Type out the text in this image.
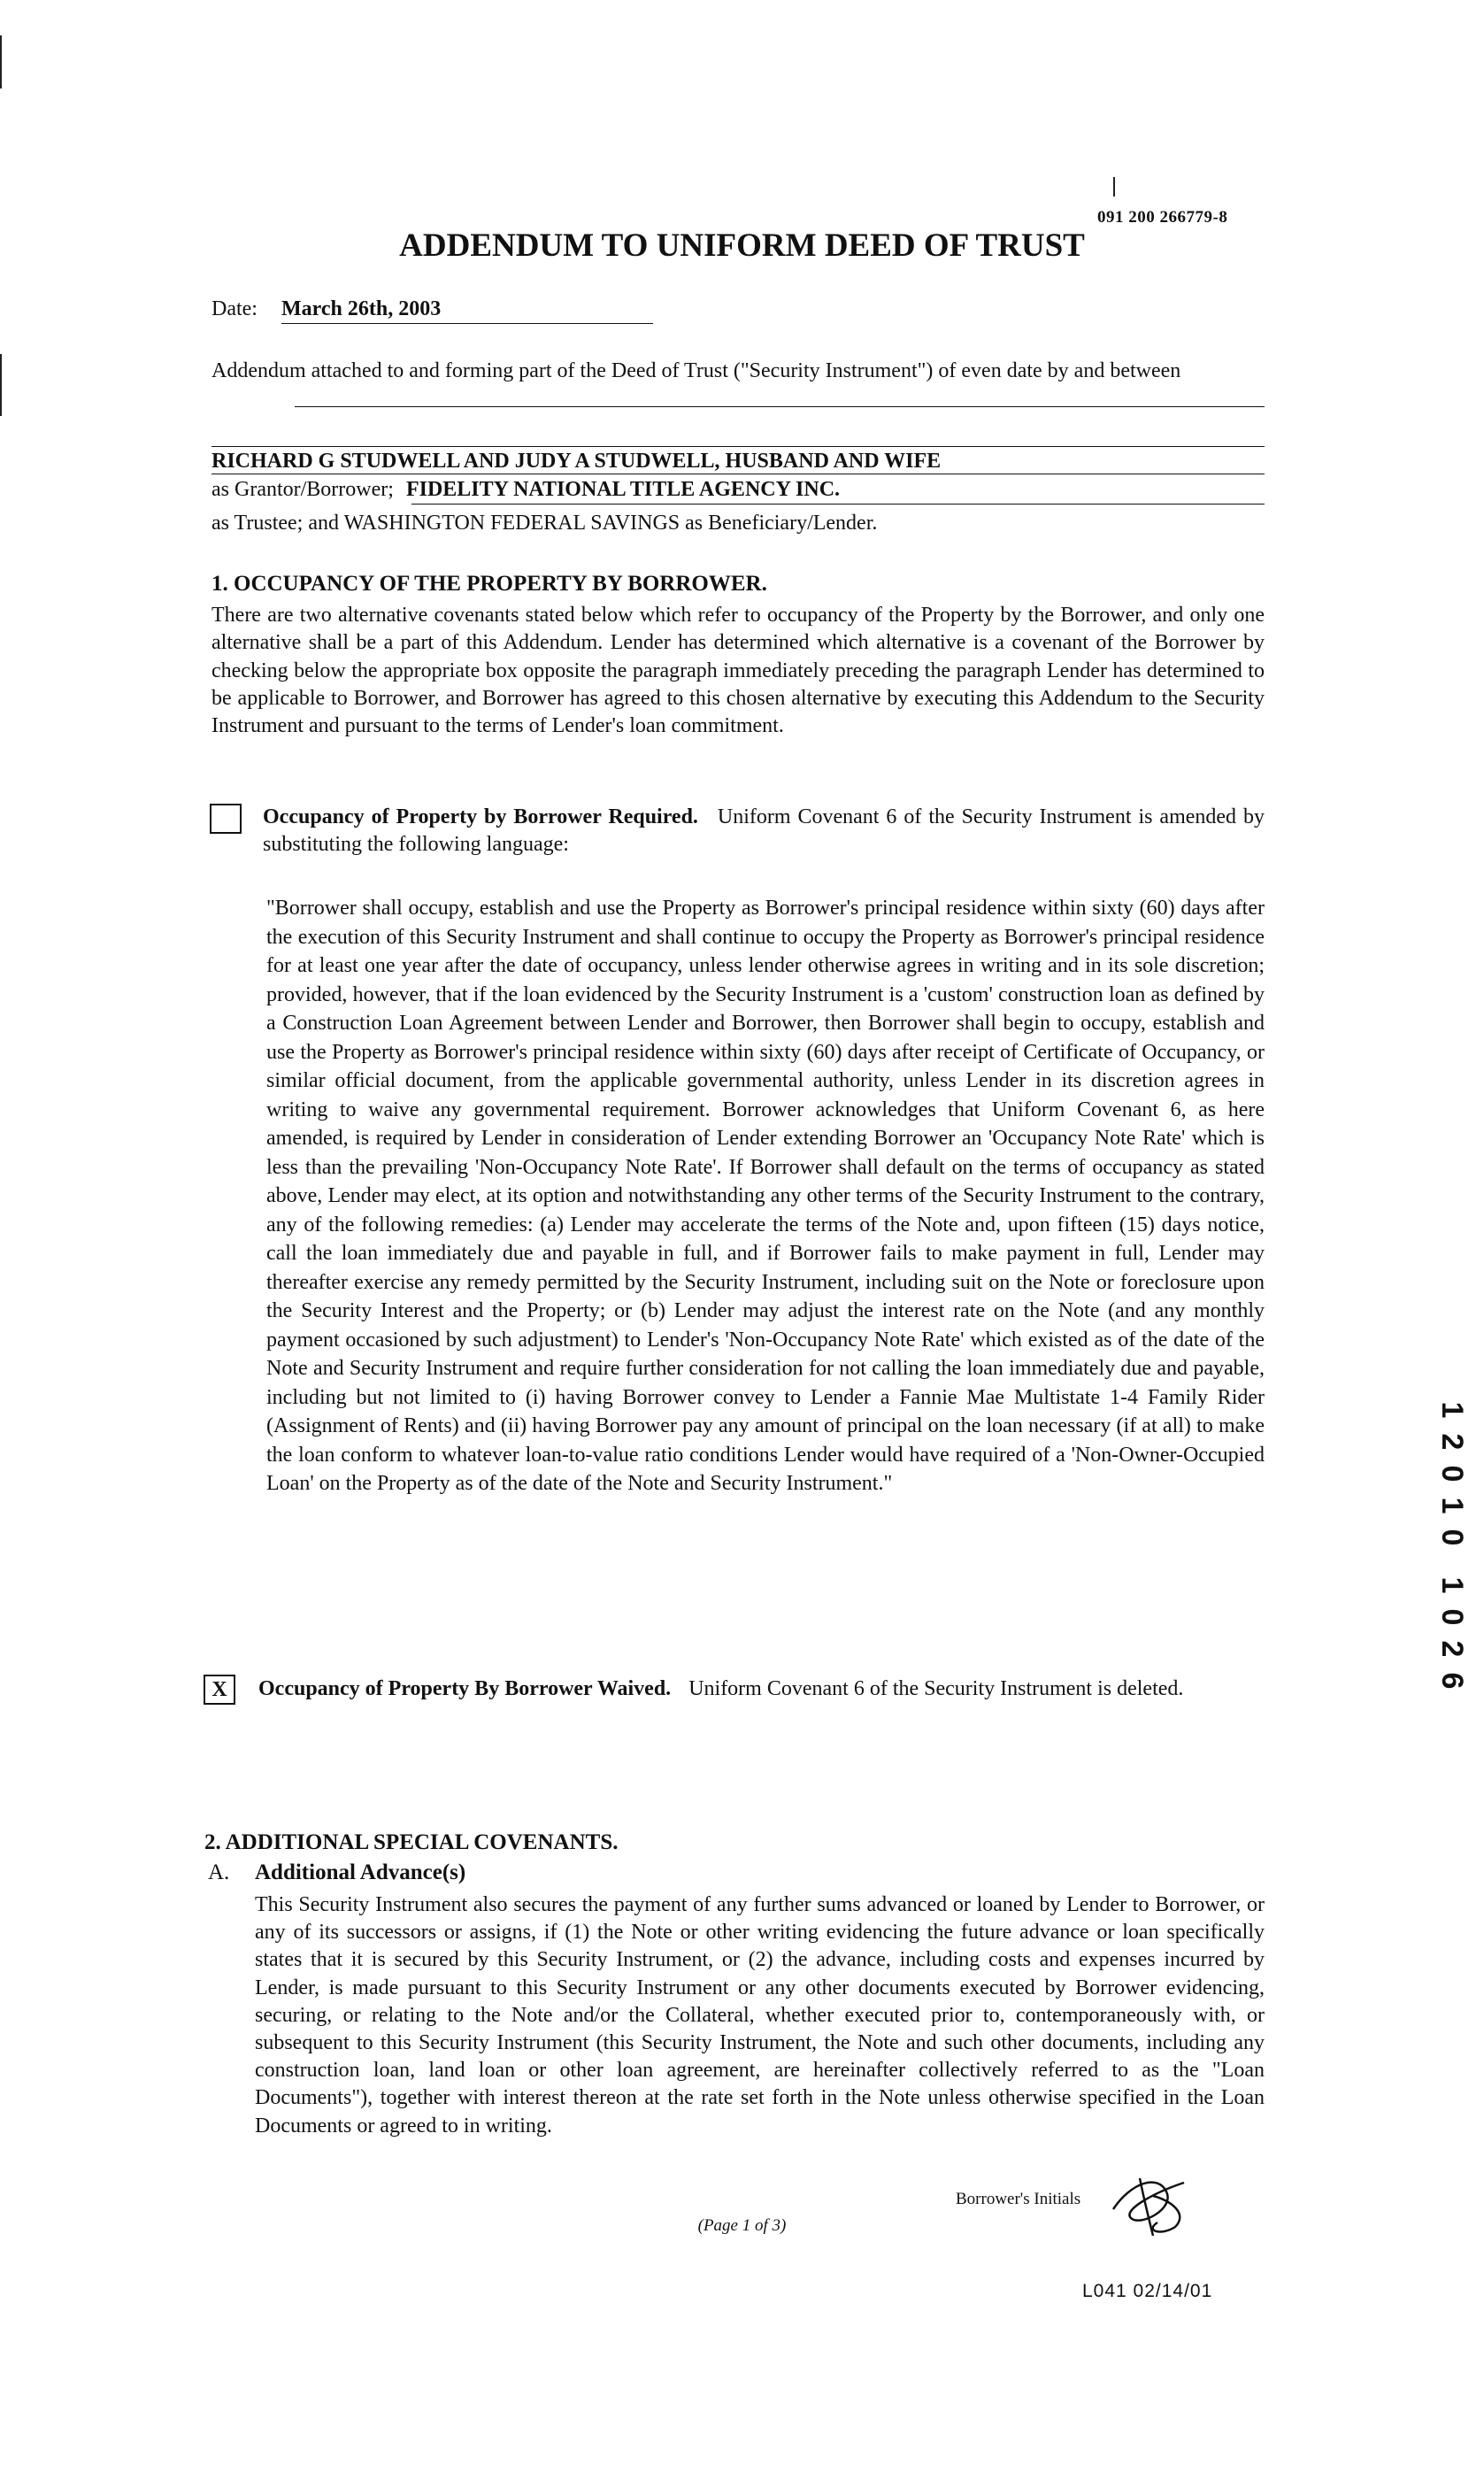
091 200 266779-8
ADDENDUM TO UNIFORM DEED OF TRUST
Date: March 26th, 2003
Addendum attached to and forming part of the Deed of Trust ("Security Instrument") of even date by and between
RICHARD G STUDWELL AND JUDY A STUDWELL, HUSBAND AND WIFE
as Grantor/Borrower; FIDELITY NATIONAL TITLE AGENCY INC.
as Trustee; and WASHINGTON FEDERAL SAVINGS as Beneficiary/Lender.
1. OCCUPANCY OF THE PROPERTY BY BORROWER.
There are two alternative covenants stated below which refer to occupancy of the Property by the Borrower, and only one alternative shall be a part of this Addendum. Lender has determined which alternative is a covenant of the Borrower by checking below the appropriate box opposite the paragraph immediately preceding the paragraph Lender has determined to be applicable to Borrower, and Borrower has agreed to this chosen alternative by executing this Addendum to the Security Instrument and pursuant to the terms of Lender's loan commitment.
Occupancy of Property by Borrower Required. Uniform Covenant 6 of the Security Instrument is amended by substituting the following language:
"Borrower shall occupy, establish and use the Property as Borrower's principal residence within sixty (60) days after the execution of this Security Instrument and shall continue to occupy the Property as Borrower's principal residence for at least one year after the date of occupancy, unless lender otherwise agrees in writing and in its sole discretion; provided, however, that if the loan evidenced by the Security Instrument is a 'custom' construction loan as defined by a Construction Loan Agreement between Lender and Borrower, then Borrower shall begin to occupy, establish and use the Property as Borrower's principal residence within sixty (60) days after receipt of Certificate of Occupancy, or similar official document, from the applicable governmental authority, unless Lender in its discretion agrees in writing to waive any governmental requirement. Borrower acknowledges that Uniform Covenant 6, as here amended, is required by Lender in consideration of Lender extending Borrower an 'Occupancy Note Rate' which is less than the prevailing 'Non-Occupancy Note Rate'. If Borrower shall default on the terms of occupancy as stated above, Lender may elect, at its option and notwithstanding any other terms of the Security Instrument to the contrary, any of the following remedies: (a) Lender may accelerate the terms of the Note and, upon fifteen (15) days notice, call the loan immediately due and payable in full, and if Borrower fails to make payment in full, Lender may thereafter exercise any remedy permitted by the Security Instrument, including suit on the Note or foreclosure upon the Security Interest and the Property; or (b) Lender may adjust the interest rate on the Note (and any monthly payment occasioned by such adjustment) to Lender's 'Non-Occupancy Note Rate' which existed as of the date of the Note and Security Instrument and require further consideration for not calling the loan immediately due and payable, including but not limited to (i) having Borrower convey to Lender a Fannie Mae Multistate 1-4 Family Rider (Assignment of Rents) and (ii) having Borrower pay any amount of principal on the loan necessary (if at all) to make the loan conform to whatever loan-to-value ratio conditions Lender would have required of a 'Non-Owner-Occupied Loan' on the Property as of the date of the Note and Security Instrument."
X	Occupancy of Property By Borrower Waived. Uniform Covenant 6 of the Security Instrument is deleted.
2. ADDITIONAL SPECIAL COVENANTS.
A. Additional Advance(s)
This Security Instrument also secures the payment of any further sums advanced or loaned by Lender to Borrower, or any of its successors or assigns, if (1) the Note or other writing evidencing the future advance or loan specifically states that it is secured by this Security Instrument, or (2) the advance, including costs and expenses incurred by Lender, is made pursuant to this Security Instrument or any other documents executed by Borrower evidencing, securing, or relating to the Note and/or the Collateral, whether executed prior to, contemporaneously with, or subsequent to this Security Instrument (this Security Instrument, the Note and such other documents, including any construction loan, land loan or other loan agreement, are hereinafter collectively referred to as the "Loan Documents"), together with interest thereon at the rate set forth in the Note unless otherwise specified in the Loan Documents or agreed to in writing.
Borrower's Initials
(Page 1 of 3)
L041 02/14/01
1
2
0
1
0
1
0
2
6
